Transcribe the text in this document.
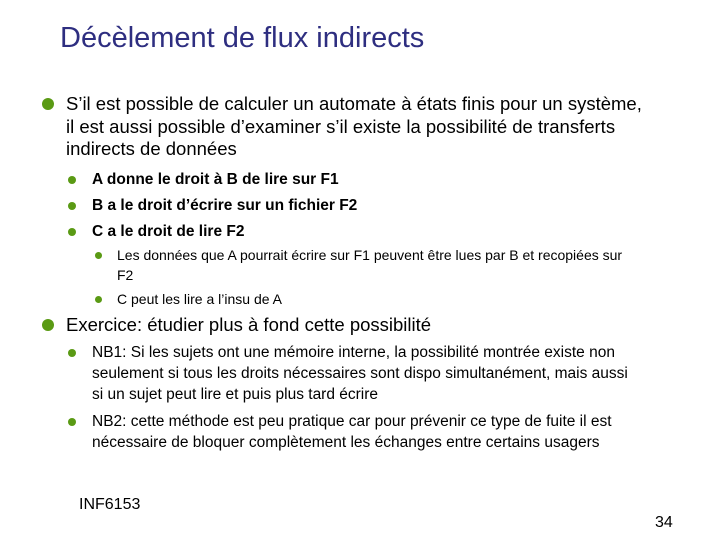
Décèlement de flux indirects
S’il est possible de calculer un automate à états finis pour un système, il est aussi possible d’examiner s’il existe la possibilité de transferts indirects de données
A donne le droit à B de lire sur F1
B a le droit d’écrire sur un fichier F2
C a le droit de lire F2
Les données que A pourrait écrire sur F1 peuvent être lues par B et recopiées sur F2
C peut les lire a l’insu de A
Exercice: étudier plus à fond cette possibilité
NB1: Si les sujets ont une mémoire interne, la possibilité montrée existe non seulement si tous les droits nécessaires sont dispo simultanément, mais aussi si un sujet peut lire et puis plus tard écrire
NB2: cette méthode est peu pratique car pour prévenir ce type de fuite il est nécessaire de bloquer complètement les échanges entre certains usagers
INF6153
34
